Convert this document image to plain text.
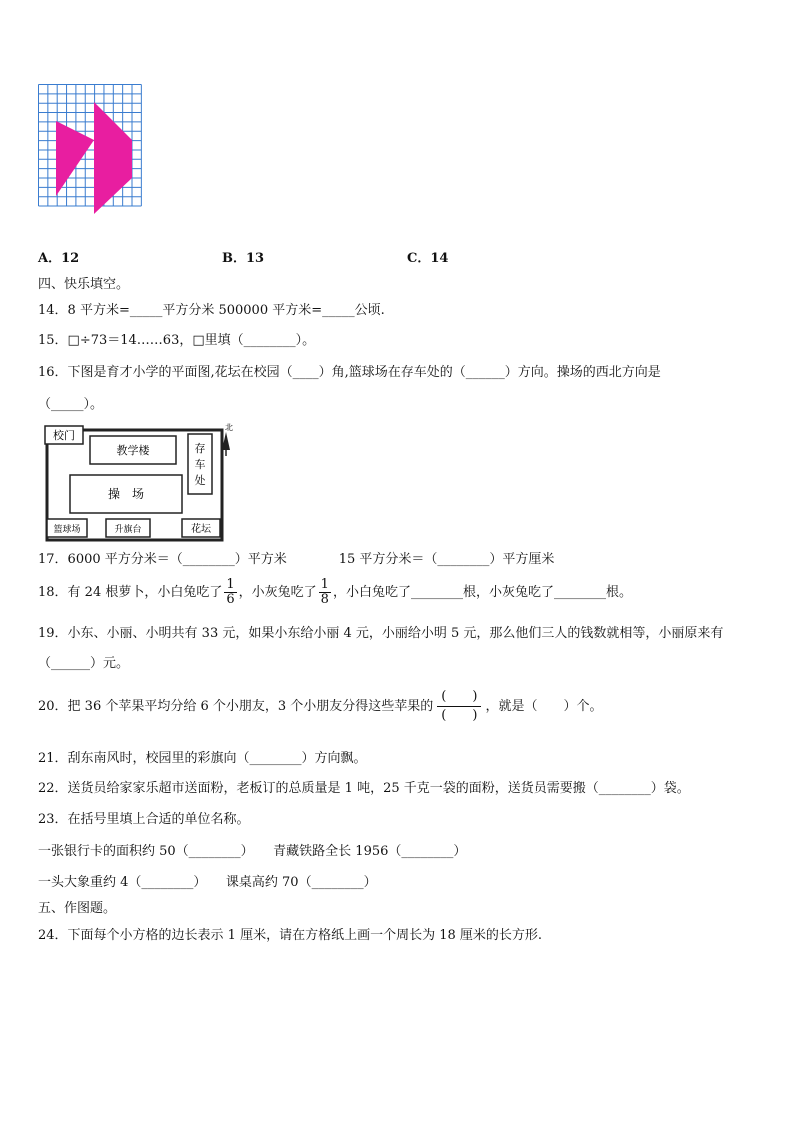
A．12	B．13	C．14
四、快乐填空。
14．8 平方米=_____平方分米 500000 平方米=_____公顷.
15．□÷73＝14……63，□里填（________）。
16．下图是育才小学的平面图,花坛在校园（____）角,篮球场在存车处的（______）方向。操场的西北方向是
（_____）。
校门
教学楼
操　场
存车处
篮球场	升旗台	花坛
北
17．6000 平方分米＝（________）平方米　　　　15 平方分米＝（________）平方厘米
18．有 24 根萝卜，小白兔吃了 $\frac{1}{6}$ ，小灰兔吃了 $\frac{1}{8}$ ，小白兔吃了________根，小灰兔吃了________根。
19．小东、小丽、小明共有 33 元，如果小东给小丽 4 元，小丽给小明 5 元，那么他们三人的钱数就相等，小丽原来有
（______）元。
20．把 36 个苹果平均分给 6 个小朋友，3 个小朋友分得这些苹果的
(　　)
(　　)
，就是（　　）个。
21．刮东南风时，校园里的彩旗向（________）方向飘。
22．送货员给家家乐超市送面粉，老板订的总质量是 1 吨，25 千克一袋的面粉，送货员需要搬（________）袋。
23．在括号里填上合适的单位名称。
一张银行卡的面积约 50（________）　　青藏铁路全长 1956（________）
一头大象重约 4（________）　　课桌高约 70（________）
五、作图题。
24．下面每个小方格的边长表示 1 厘米，请在方格纸上画一个周长为 18 厘米的长方形.
